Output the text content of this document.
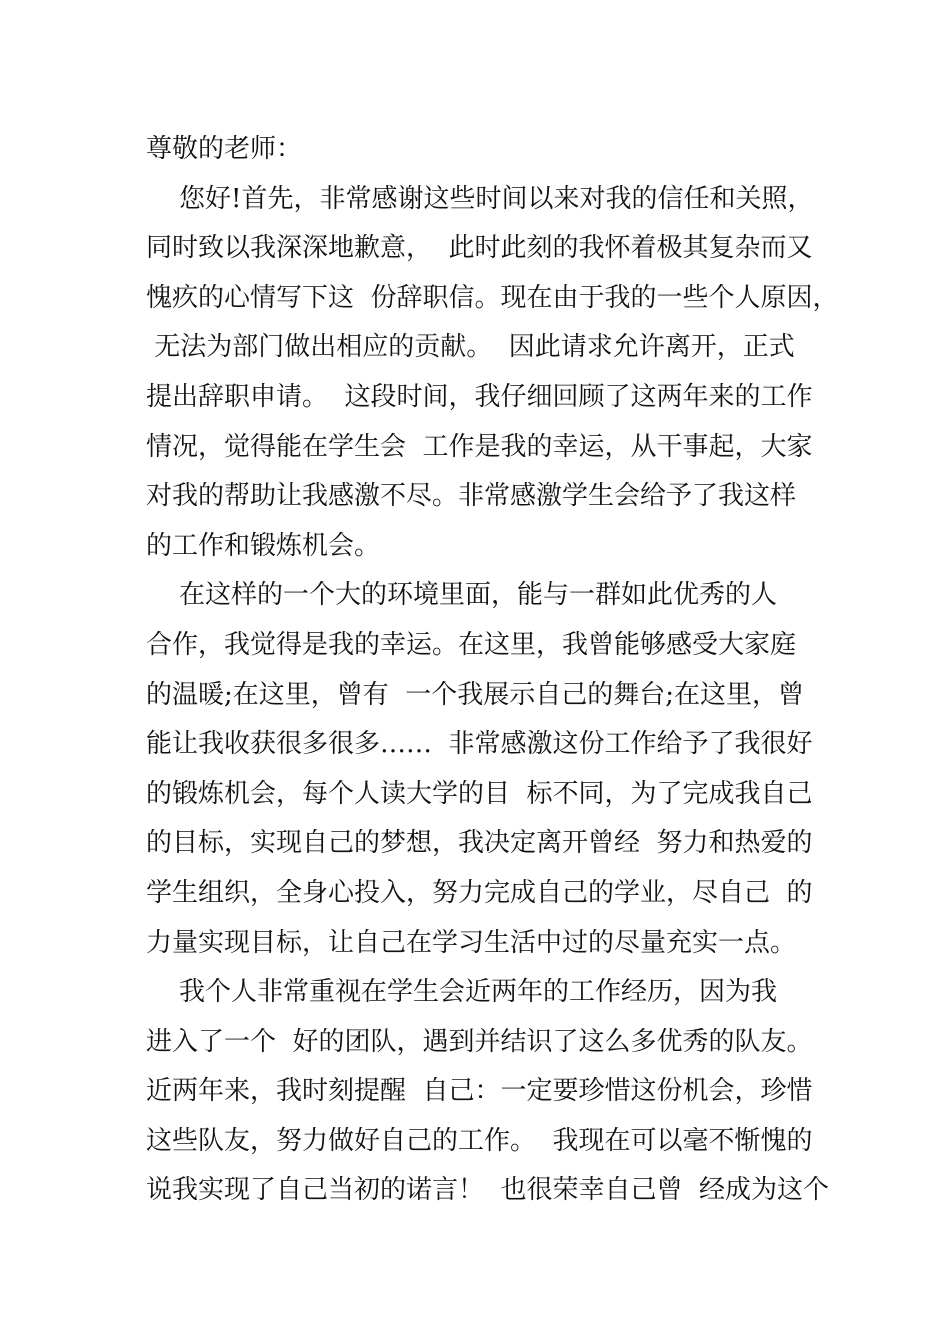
尊敬的老师：
您好!首先，非常感谢这些时间以来对我的信任和关照，
同时致以我深深地歉意，  此时此刻的我怀着极其复杂而又
愧疚的心情写下这  份辞职信。现在由于我的一些个人原因，
无法为部门做出相应的贡献。  因此请求允许离开，正式
提出辞职申请。  这段时间，我仔细回顾了这两年来的工作
情况，觉得能在学生会  工作是我的幸运，从干事起，大家
对我的帮助让我感激不尽。非常感激学生会给予了我这样
的工作和锻炼机会。
在这样的一个大的环境里面，能与一群如此优秀的人
合作，我觉得是我的幸运。在这里，我曾能够感受大家庭
的温暖;在这里，曾有  一个我展示自己的舞台;在这里，曾
能让我收获很多很多……  非常感激这份工作给予了我很好
的锻炼机会，每个人读大学的目  标不同，为了完成我自己
的目标，实现自己的梦想，我决定离开曾经  努力和热爱的
学生组织，全身心投入，努力完成自己的学业，尽自己  的
力量实现目标，让自己在学习生活中过的尽量充实一点。
我个人非常重视在学生会近两年的工作经历，因为我
进入了一个  好的团队，遇到并结识了这么多优秀的队友。
近两年来，我时刻提醒  自己：一定要珍惜这份机会，珍惜
这些队友，努力做好自己的工作。  我现在可以毫不惭愧的
说我实现了自己当初的诺言！  也很荣幸自己曾  经成为这个
